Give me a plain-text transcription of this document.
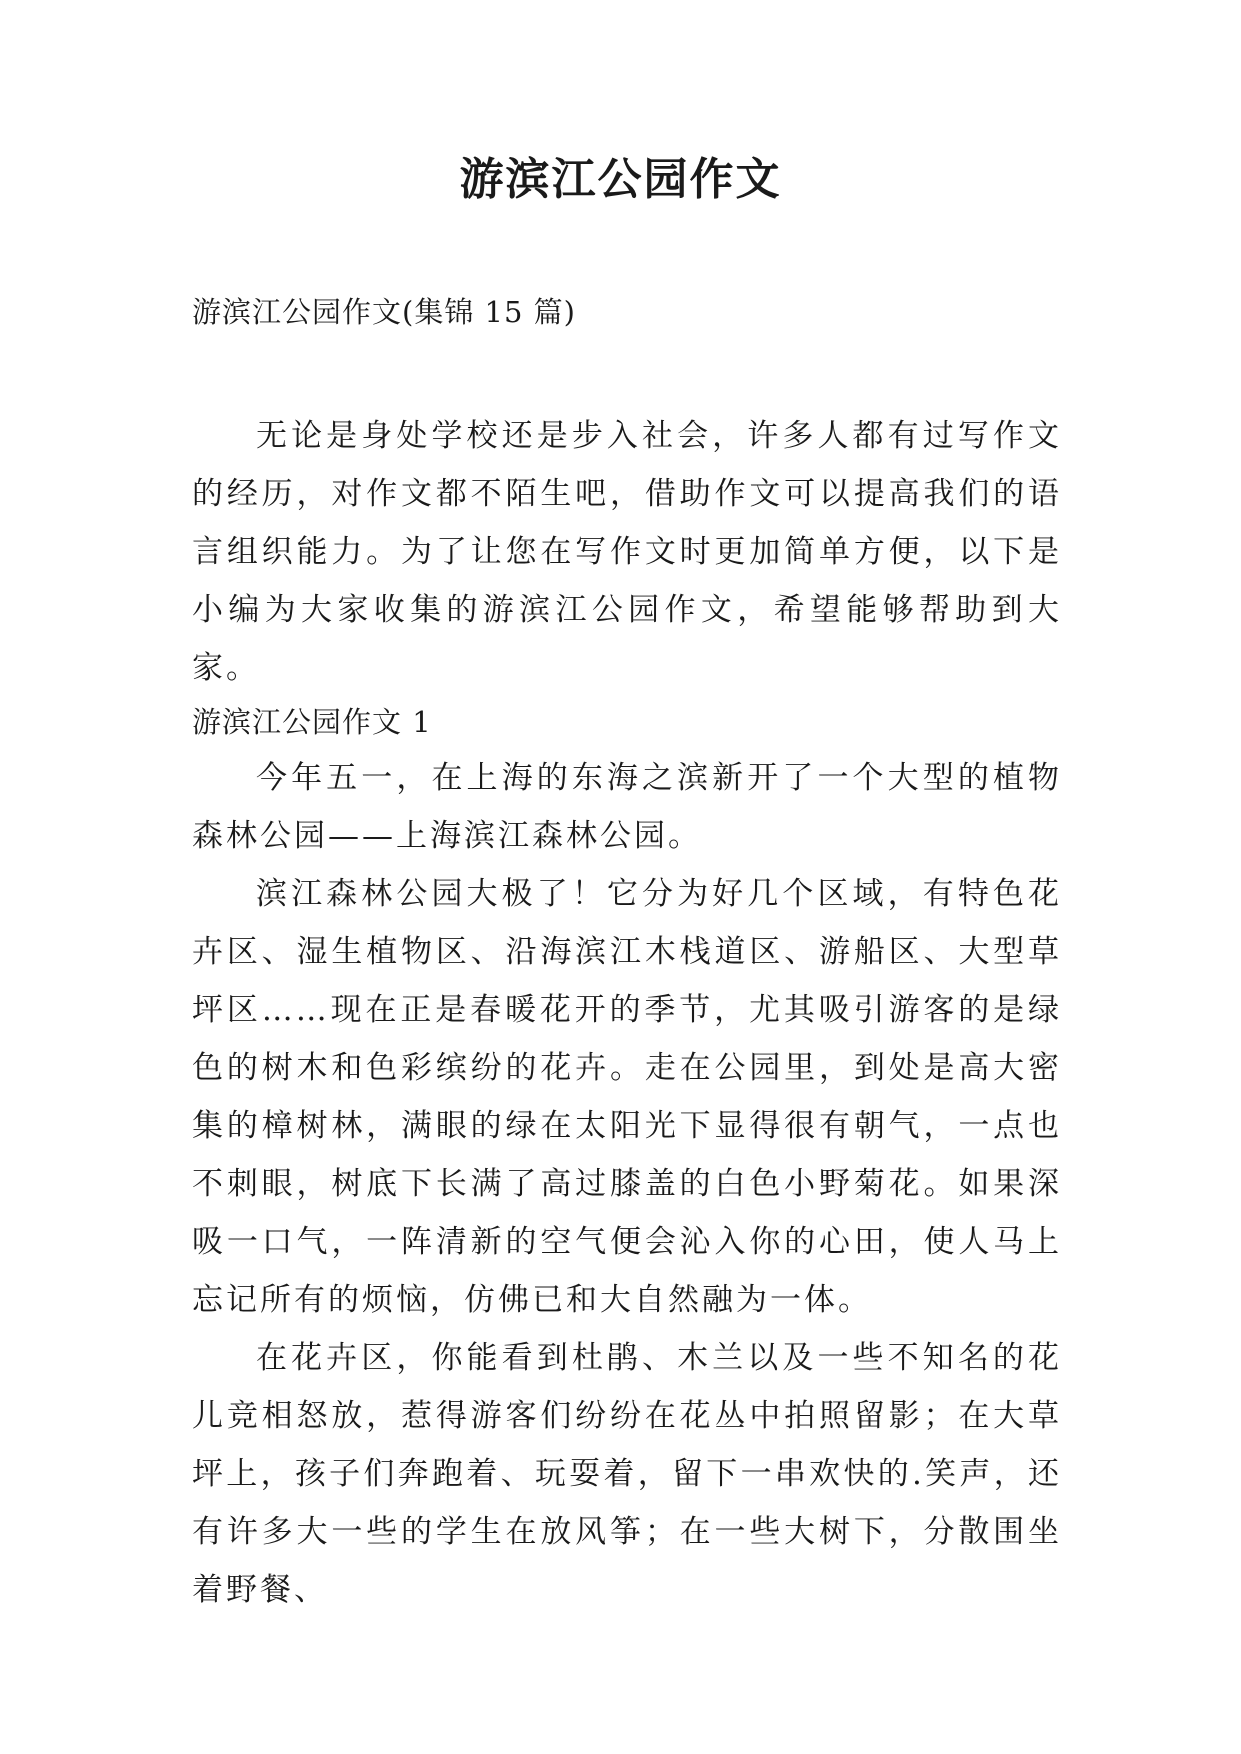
游滨江公园作文

游滨江公园作文(集锦 15 篇)

无论是身处学校还是步入社会，许多人都有过写作文的经历，对作文都不陌生吧，借助作文可以提高我们的语言组织能力。为了让您在写作文时更加简单方便，以下是小编为大家收集的游滨江公园作文，希望能够帮助到大家。

游滨江公园作文 1

今年五一，在上海的东海之滨新开了一个大型的植物森林公园——上海滨江森林公园。

滨江森林公园大极了！它分为好几个区域，有特色花卉区、湿生植物区、沿海滨江木栈道区、游船区、大型草坪区……现在正是春暖花开的季节，尤其吸引游客的是绿色的树木和色彩缤纷的花卉。走在公园里，到处是高大密集的樟树林，满眼的绿在太阳光下显得很有朝气，一点也不刺眼，树底下长满了高过膝盖的白色小野菊花。如果深吸一口气，一阵清新的空气便会沁入你的心田，使人马上忘记所有的烦恼，仿佛已和大自然融为一体。

在花卉区，你能看到杜鹃、木兰以及一些不知名的花儿竞相怒放，惹得游客们纷纷在花丛中拍照留影；在大草坪上，孩子们奔跑着、玩耍着，留下一串欢快的.笑声，还有许多大一些的学生在放风筝；在一些大树下，分散围坐着野餐、
